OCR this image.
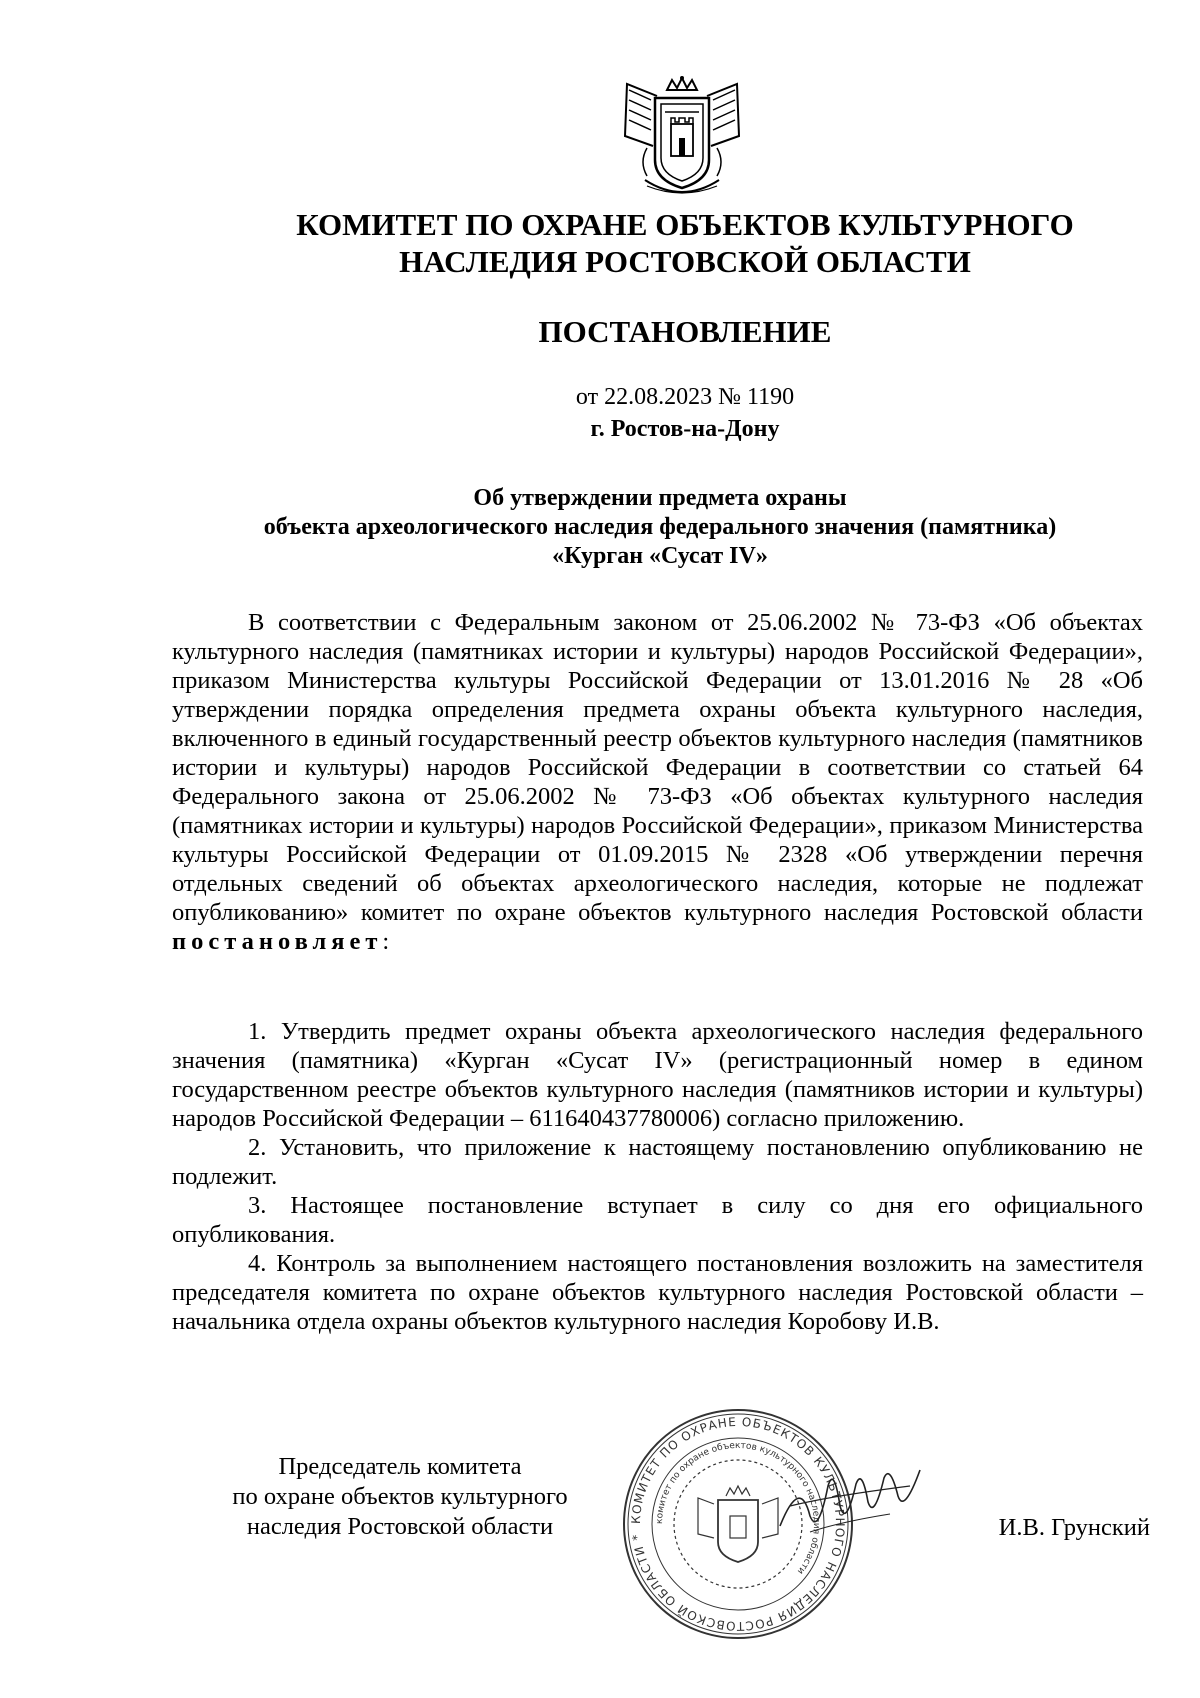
КОМИТЕТ ПО ОХРАНЕ ОБЪЕКТОВ КУЛЬТУРНОГО
НАСЛЕДИЯ РОСТОВСКОЙ ОБЛАСТИ
ПОСТАНОВЛЕНИЕ
от 22.08.2023 № 1190
г. Ростов-на-Дону
Об утверждении предмета охраны
объекта археологического наследия федерального значения (памятника)
«Курган «Сусат IV»

В соответствии с Федеральным законом от 25.06.2002 № 73-ФЗ «Об объектах культурного наследия (памятниках истории и культуры) народов Российской Федерации», приказом Министерства культуры Российской Федерации от 13.01.2016 № 28 «Об утверждении порядка определения предмета охраны объекта культурного наследия, включенного в единый государственный реестр объектов культурного наследия (памятников истории и культуры) народов Российской Федерации в соответствии со статьей 64 Федерального закона от 25.06.2002 № 73-ФЗ «Об объектах культурного наследия (памятниках истории и культуры) народов Российской Федерации», приказом Министерства культуры Российской Федерации от 01.09.2015 № 2328 «Об утверждении перечня отдельных сведений об объектах археологического наследия, которые не подлежат опубликованию» комитет по охране объектов культурного наследия Ростовской области постановляет:

1. Утвердить предмет охраны объекта археологического наследия федерального значения (памятника) «Курган «Сусат IV» (регистрационный номер в едином государственном реестре объектов культурного наследия (памятников истории и культуры) народов Российской Федерации – 611640437780006) согласно приложению.
2. Установить, что приложение к настоящему постановлению опубликованию не подлежит.
3. Настоящее постановление вступает в силу со дня его официального опубликования.
4. Контроль за выполнением настоящего постановления возложить на заместителя председателя комитета по охране объектов культурного наследия Ростовской области – начальника отдела охраны объектов культурного наследия Коробову И.В.
Председатель комитета
по охране объектов культурного
наследия Ростовской области	КОМИТЕТ ПО ОХРАНЕ ОБЪЕКТОВ КУЛЬТУРНОГО НАСЛЕДИЯ РОСТОВСКОЙ ОБЛАСТИ *
комитет по охране объектов культурного наследия области
И.В. Грунский
